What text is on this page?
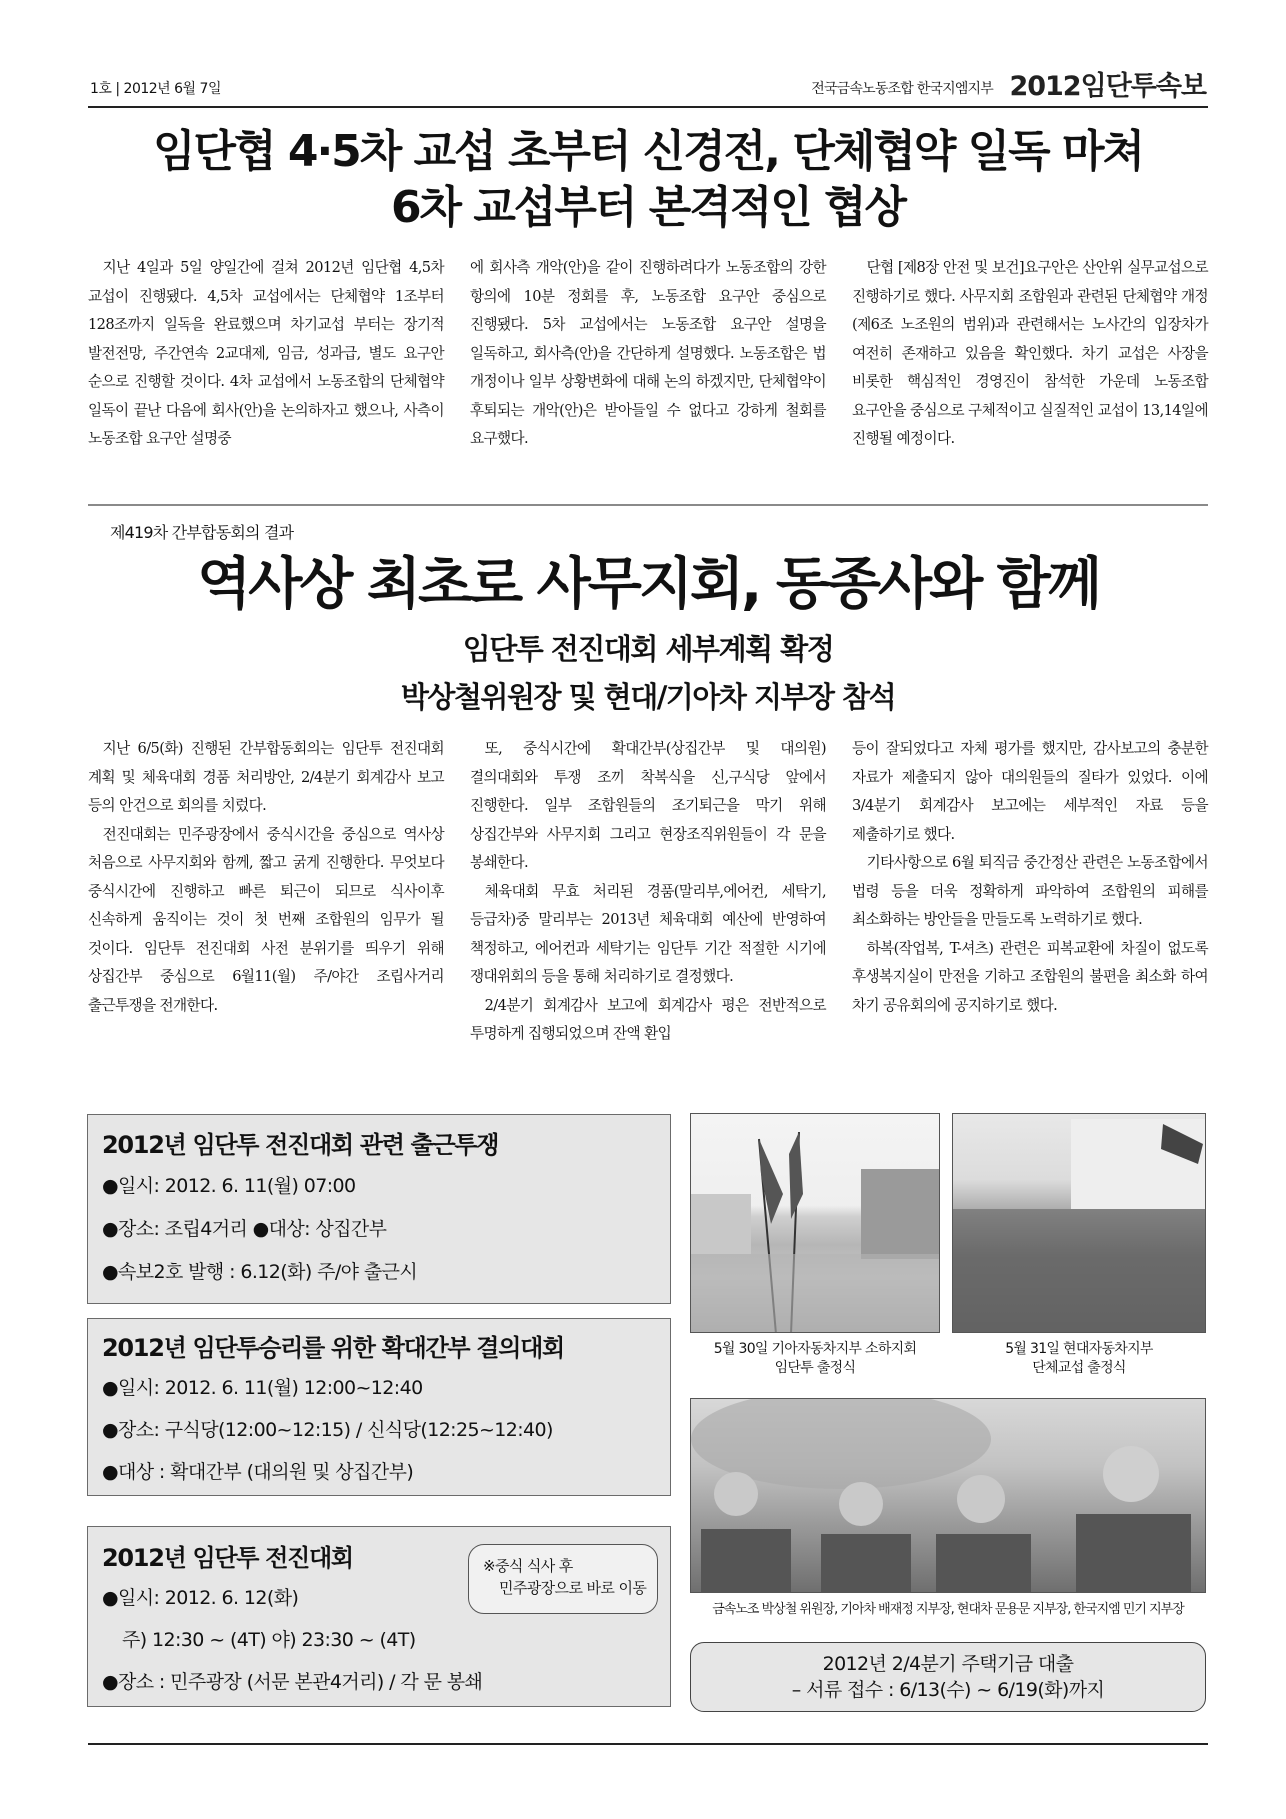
1호 | 2012년 6월 7일	전국금속노동조합 한국지엠지부 2012임단투속보
임단협 4·5차 교섭 초부터 신경전, 단체협약 일독 마쳐
6차 교섭부터 본격적인 협상

지난 4일과 5일 양일간에 걸쳐 2012년 임단협 4,5차 교섭이 진행됐다. 4,5차 교섭에서는 단체협약 1조부터 128조까지 일독을 완료했으며 차기교섭 부터는 장기적 발전전망, 주간연속 2교대제, 임금, 성과급, 별도 요구안 순으로 진행할 것이다. 4차 교섭에서 노동조합의 단체협약 일독이 끝난 다음에 회사(안)을 논의하자고 했으나, 사측이 노동조합 요구안 설명중

에 회사측 개악(안)을 같이 진행하려다가 노동조합의 강한 항의에 10분 정회를 후, 노동조합 요구안 중심으로 진행됐다. 5차 교섭에서는 노동조합 요구안 설명을 일독하고, 회사측(안)을 간단하게 설명했다. 노동조합은 법 개정이나 일부 상황변화에 대해 논의 하겠지만, 단체협약이 후퇴되는 개악(안)은 받아들일 수 없다고 강하게 철회를 요구했다.

단협 [제8장 안전 및 보건]요구안은 산안위 실무교섭으로 진행하기로 했다. 사무지회 조합원과 관련된 단체협약 개정(제6조 노조원의 범위)과 관련해서는 노사간의 입장차가 여전히 존재하고 있음을 확인했다. 차기 교섭은 사장을 비롯한 핵심적인 경영진이 참석한 가운데 노동조합 요구안을 중심으로 구체적이고 실질적인 교섭이 13,14일에 진행될 예정이다.

제419차 간부합동회의 결과
역사상 최초로 사무지회, 동종사와 함께
임단투 전진대회 세부계획 확정
박상철위원장 및 현대/기아차 지부장 참석

지난 6/5(화) 진행된 간부합동회의는 임단투 전진대회 계획 및 체육대회 경품 처리방안, 2/4분기 회계감사 보고 등의 안건으로 회의를 치렀다.

전진대회는 민주광장에서 중식시간을 중심으로 역사상 처음으로 사무지회와 함께, 짧고 굵게 진행한다. 무엇보다 중식시간에 진행하고 빠른 퇴근이 되므로 식사이후 신속하게 움직이는 것이 첫 번째 조합원의 임무가 될 것이다. 임단투 전진대회 사전 분위기를 띄우기 위해 상집간부 중심으로 6월11(월) 주/야간 조립사거리 출근투쟁을 전개한다.

또, 중식시간에 확대간부(상집간부 및 대의원) 결의대회와 투쟁 조끼 착복식을 신,구식당 앞에서 진행한다. 일부 조합원들의 조기퇴근을 막기 위해 상집간부와 사무지회 그리고 현장조직위원들이 각 문을 봉쇄한다.

체육대회 무효 처리된 경품(말리부,에어컨, 세탁기,등급차)중 말리부는 2013년 체육대회 예산에 반영하여 책정하고, 에어컨과 세탁기는 임단투 기간 적절한 시기에 쟁대위회의 등을 통해 처리하기로 결정했다.

2/4분기 회계감사 보고에 회계감사 평은 전반적으로 투명하게 집행되었으며 잔액 환입

등이 잘되었다고 자체 평가를 했지만, 감사보고의 충분한 자료가 제출되지 않아 대의원들의 질타가 있었다. 이에 3/4분기 회계감사 보고에는 세부적인 자료 등을 제출하기로 했다.

기타사항으로 6월 퇴직금 중간정산 관련은 노동조합에서 법령 등을 더욱 정확하게 파악하여 조합원의 피해를 최소화하는 방안들을 만들도록 노력하기로 했다.

하복(작업복, T-셔츠) 관련은 피복교환에 차질이 없도록 후생복지실이 만전을 기하고 조합원의 불편을 최소화 하여 차기 공유회의에 공지하기로 했다.

2012년 임단투 전진대회 관련 출근투쟁
●일시: 2012. 6. 11(월) 07:00
●장소: 조립4거리 ●대상: 상집간부
●속보2호 발행 : 6.12(화) 주/야 출근시
2012년 임단투승리를 위한 확대간부 결의대회
●일시: 2012. 6. 11(월) 12:00~12:40
●장소: 구식당(12:00~12:15) / 신식당(12:25~12:40)
●대상 : 확대간부 (대의원 및 상집간부)
2012년 임단투 전진대회
●일시: 2012. 6. 12(화)
주) 12:30 ~ (4T) 야) 23:30 ~ (4T)
●장소 : 민주광장 (서문 본관4거리) / 각 문 봉쇄
※중식 식사 후
민주광장으로 바로 이동
5월 30일 기아자동차지부 소하지회
임단투 출정식
5월 31일 현대자동차지부
단체교섭 출정식
금속노조 박상철 위원장, 기아차 배재정 지부장, 현대차 문용문 지부장, 한국지엠 민기 지부장
2012년 2/4분기 주택기금 대출
– 서류 접수 : 6/13(수) ~ 6/19(화)까지
